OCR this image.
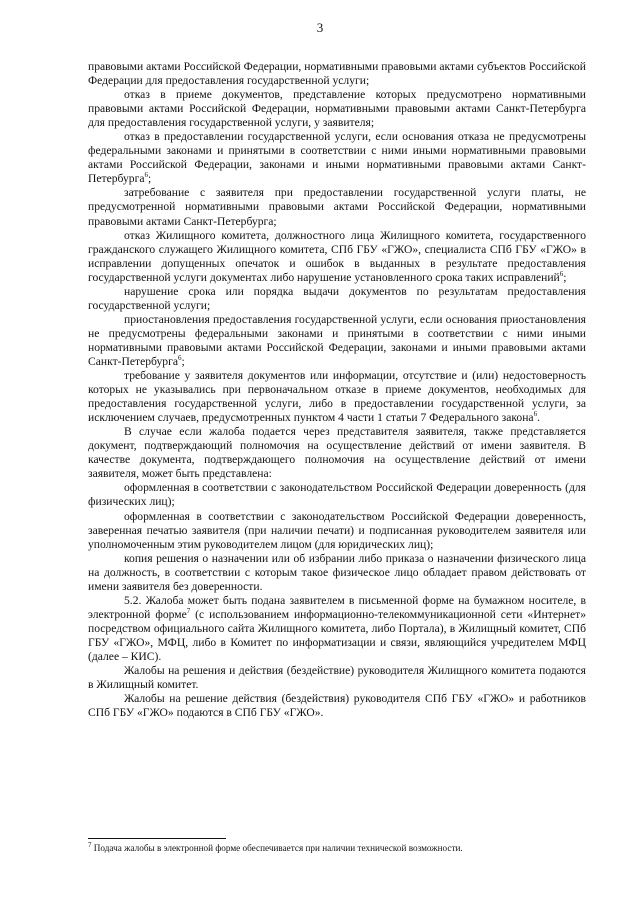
3

правовыми актами Российской Федерации, нормативными правовыми актами субъектов Российской Федерации для предоставления государственной услуги;

отказ в приеме документов, представление которых предусмотрено нормативными правовыми актами Российской Федерации, нормативными правовыми актами Санкт-Петербурга для предоставления государственной услуги, у заявителя;

отказ в предоставлении государственной услуги, если основания отказа не предусмотрены федеральными законами и принятыми в соответствии с ними иными нормативными правовыми актами Российской Федерации, законами и иными нормативными правовыми актами Санкт-Петербурга$^6$;

затребование с заявителя при предоставлении государственной услуги платы, не предусмотренной нормативными правовыми актами Российской Федерации, нормативными правовыми актами Санкт-Петербурга;

отказ Жилищного комитета, должностного лица Жилищного комитета, государственного гражданского служащего Жилищного комитета, СПб ГБУ «ГЖО», специалиста СПб ГБУ «ГЖО» в исправлении допущенных опечаток и ошибок в выданных в результате предоставления государственной услуги документах либо нарушение установленного срока таких исправлений$^6$;

нарушение срока или порядка выдачи документов по результатам предоставления государственной услуги;

приостановления предоставления государственной услуги, если основания приостановления не предусмотрены федеральными законами и принятыми в соответствии с ними иными нормативными правовыми актами Российской Федерации, законами и иными правовыми актами Санкт-Петербурга$^6$;

требование у заявителя документов или информации, отсутствие и (или) недостоверность которых не указывались при первоначальном отказе в приеме документов, необходимых для предоставления государственной услуги, либо в предоставлении государственной услуги, за исключением случаев, предусмотренных пунктом 4 части 1 статьи 7 Федерального закона$^6$.

В случае если жалоба подается через представителя заявителя, также представляется документ, подтверждающий полномочия на осуществление действий от имени заявителя. В качестве документа, подтверждающего полномочия на осуществление действий от имени заявителя, может быть представлена:

оформленная в соответствии с законодательством Российской Федерации доверенность (для физических лиц);

оформленная в соответствии с законодательством Российской Федерации доверенность, заверенная печатью заявителя (при наличии печати) и подписанная руководителем заявителя или уполномоченным этим руководителем лицом (для юридических лиц);

копия решения о назначении или об избрании либо приказа о назначении физического лица на должность, в соответствии с которым такое физическое лицо обладает правом действовать от имени заявителя без доверенности.

5.2. Жалоба может быть подана заявителем в письменной форме на бумажном носителе, в электронной форме$^7$ (с использованием информационно-телекоммуникационной сети «Интернет» посредством официального сайта Жилищного комитета, либо Портала), в Жилищный комитет, СПб ГБУ «ГЖО», МФЦ, либо в Комитет по информатизации и связи, являющийся учредителем МФЦ (далее – КИС).

Жалобы на решения и действия (бездействие) руководителя Жилищного комитета подаются в Жилищный комитет.

Жалобы на решение действия (бездействия) руководителя СПб ГБУ «ГЖО» и работников СПб ГБУ «ГЖО» подаются в СПб ГБУ «ГЖО».

$^7$ Подача жалобы в электронной форме обеспечивается при наличии технической возможности.
